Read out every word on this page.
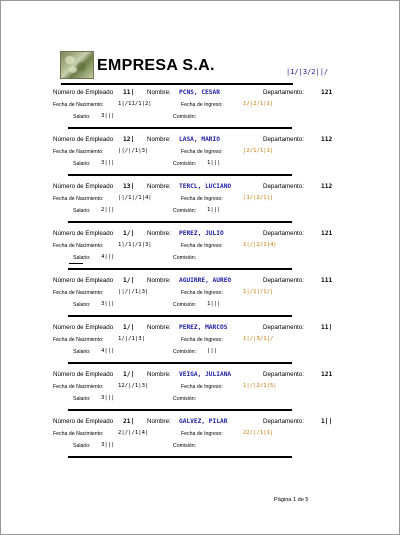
EMPRESA S.A.	|1/|3/2||/
Número de Empleado 11| Nombre: PCNS, CESAR	Departamento:	121
Fecha de Nacimiento:	1|/11/1|2|	Fecha de Ingreso:	1/|2/1|1|
Salario: 3|||	Comisión:
Número de Empleado 12| Nombre: LASA, MARIO	Departamento:	112
Fecha de Nacimiento:	||/|/1|3|	Fecha de Ingreso:	|2/1/1|1|
Salario: 3|||	Comisión: 1|||
Número de Empleado 13| Nombre: TERCL, LUCIANO	Departamento:	112
Fecha de Nacimiento:	||/1|/1|4|	Fecha de Ingreso:	|1/|2/1||
Salario: 2|||	Comisión: 1|||
Número de Empleado 1/| Nombre: PEREZ, JULIO	Departamento:	121
Fecha de Nacimiento:	1|/1|/1|3|	Fecha de Ingreso:	1|/|2/1|4|
Salario: 4|||	Comisión:
Número de Empleado 1/| Nombre: AGUIRRE, AUREO	Departamento:	111
Fecha de Nacimiento:	||/|/1|3|	Fecha de Ingreso:	1|/1|/1/|
Salario: 3|||	Comisión: 1|||
Número de Empleado 1/| Nombre: PEREZ, MARCOS	Departamento:	11|
Fecha de Nacimiento:	1/|/1|3|	Fecha de Ingreso:	1|/|3/1|/
Salario: 4|||	Comisión: |||
Número de Empleado 1/| Nombre: VEIGA, JULIANA	Departamento:	121
Fecha de Nacimiento:	12/|/1|3|	Fecha de Ingreso:	1|/|2/1|5|
Salario: 3|||	Comisión:
Número de Empleado 21| Nombre: GALVEZ, PILAR	Departamento:	1||
Fecha de Nacimiento:	2|/|/1|4|	Fecha de Ingreso:	22/|/1|1|
Salario: 3|||	Comisión:
Página 1 de 5
